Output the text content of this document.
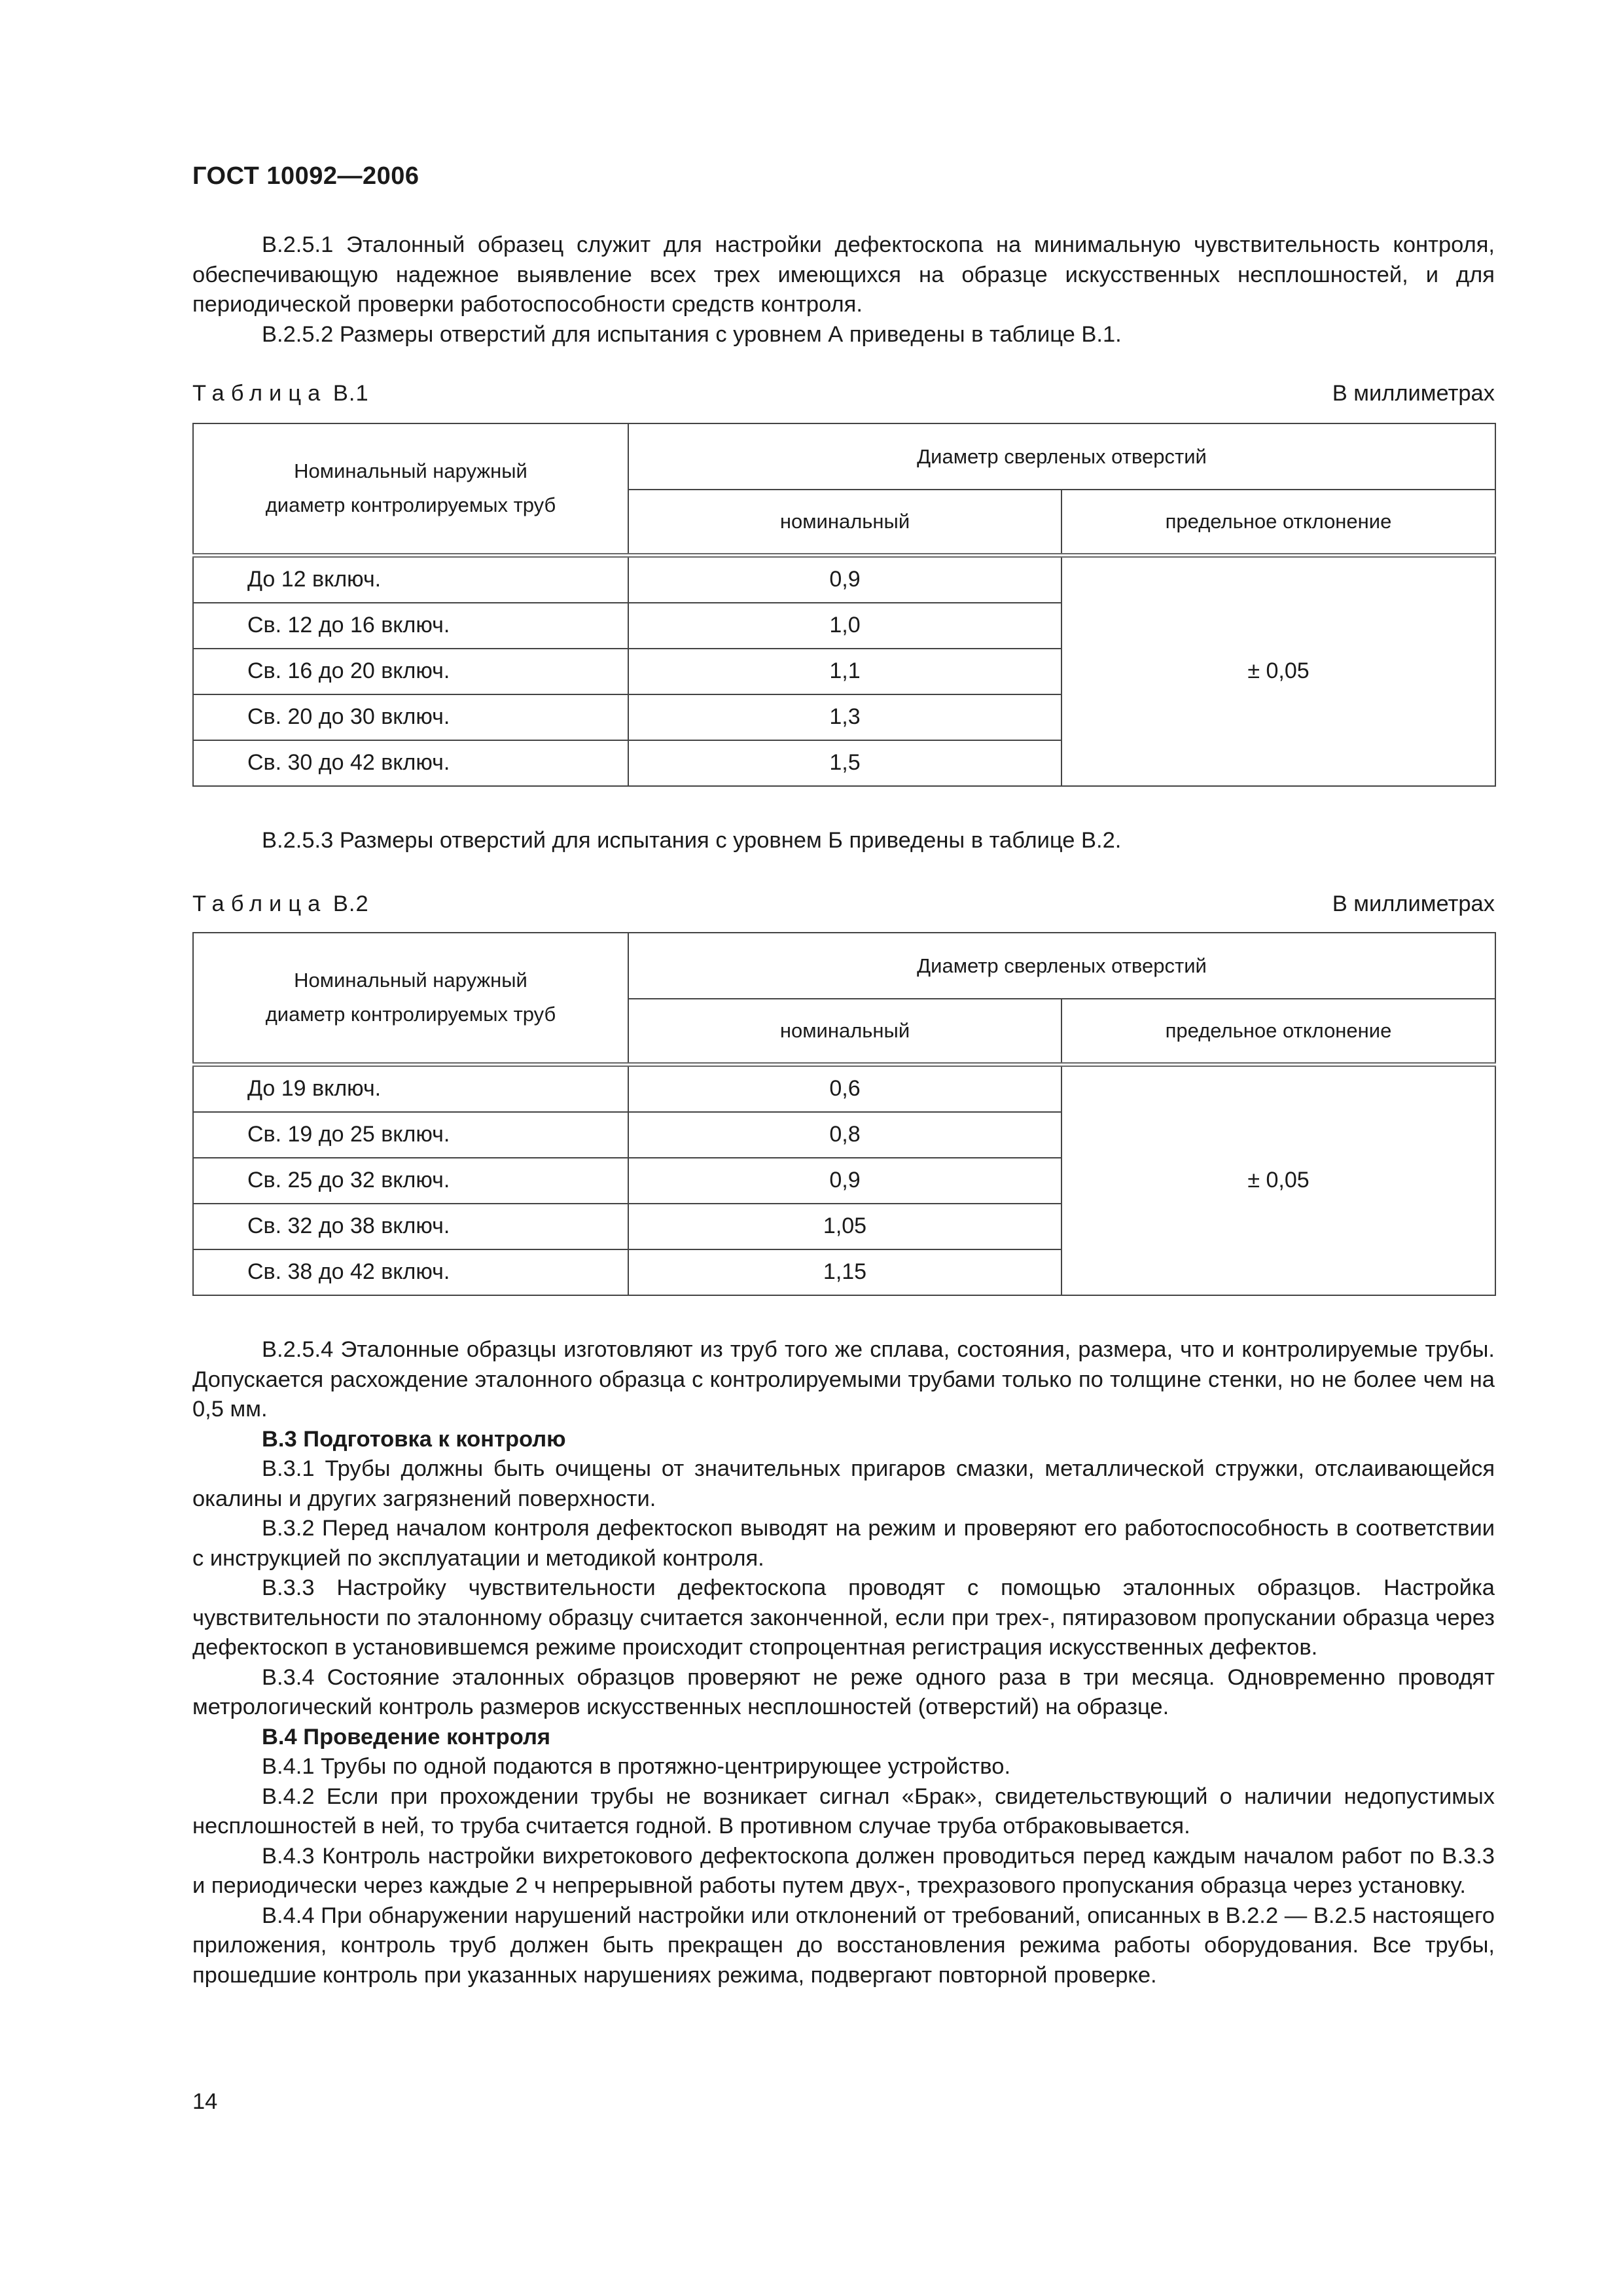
ГОСТ 10092—2006

В.2.5.1 Эталонный образец служит для настройки дефектоскопа на минимальную чувствительность контроля, обеспечивающую надежное выявление всех трех имеющихся на образце искусственных несплошностей, и для периодической проверки работоспособности средств контроля.

В.2.5.2 Размеры отверстий для испытания с уровнем А приведены в таблице В.1.

Таблица В.1	В миллиметрах
Номинальный наружный диаметр контролируемых труб	Диаметр сверленых отверстий	
	номинальный	предельное отклонение
До 12 включ.	0,9	± 0,05
Св. 12 до 16 включ.	1,0	
Св. 16 до 20 включ.	1,1	
Св. 20 до 30 включ.	1,3	
Св. 30 до 42 включ.	1,5	

В.2.5.3 Размеры отверстий для испытания с уровнем Б приведены в таблице В.2.

Таблица В.2	В миллиметрах
Номинальный наружный диаметр контролируемых труб	Диаметр сверленых отверстий	
	номинальный	предельное отклонение
До 19 включ.	0,6	± 0,05
Св. 19 до 25 включ.	0,8	
Св. 25 до 32 включ.	0,9	
Св. 32 до 38 включ.	1,05	
Св. 38 до 42 включ.	1,15	

В.2.5.4 Эталонные образцы изготовляют из труб того же сплава, состояния, размера, что и контролируемые трубы. Допускается расхождение эталонного образца с контролируемыми трубами только по толщине стенки, но не более чем на 0,5 мм.

В.3 Подготовка к контролю

В.3.1 Трубы должны быть очищены от значительных пригаров смазки, металлической стружки, отслаивающейся окалины и других загрязнений поверхности.

В.3.2 Перед началом контроля дефектоскоп выводят на режим и проверяют его работоспособность в соответствии с инструкцией по эксплуатации и методикой контроля.

В.3.3 Настройку чувствительности дефектоскопа проводят с помощью эталонных образцов. Настройка чувствительности по эталонному образцу считается законченной, если при трех-, пятиразовом пропускании образца через дефектоскоп в установившемся режиме происходит стопроцентная регистрация искусственных дефектов.

В.3.4 Состояние эталонных образцов проверяют не реже одного раза в три месяца. Одновременно проводят метрологический контроль размеров искусственных несплошностей (отверстий) на образце.

В.4 Проведение контроля

В.4.1 Трубы по одной подаются в протяжно-центрирующее устройство.

В.4.2 Если при прохождении трубы не возникает сигнал «Брак», свидетельствующий о наличии недопустимых несплошностей в ней, то труба считается годной. В противном случае труба отбраковывается.

В.4.3 Контроль настройки вихретокового дефектоскопа должен проводиться перед каждым началом работ по В.3.3 и периодически через каждые 2 ч непрерывной работы путем двух-, трехразового пропускания образца через установку.

В.4.4 При обнаружении нарушений настройки или отклонений от требований, описанных в В.2.2 — В.2.5 настоящего приложения, контроль труб должен быть прекращен до восстановления режима работы оборудования. Все трубы, прошедшие контроль при указанных нарушениях режима, подвергают повторной проверке.

14
